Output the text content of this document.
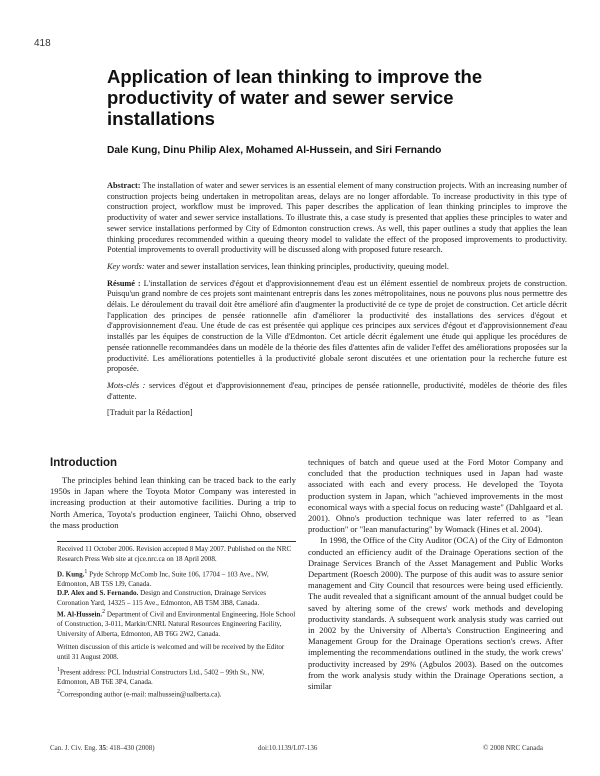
418
Application of lean thinking to improve the productivity of water and sewer service installations
Dale Kung, Dinu Philip Alex, Mohamed Al-Hussein, and Siri Fernando

Abstract: The installation of water and sewer services is an essential element of many construction projects. With an increasing number of construction projects being undertaken in metropolitan areas, delays are no longer affordable. To increase productivity in this type of construction project, workflow must be improved. This paper describes the application of lean thinking principles to improve the productivity of water and sewer service installations. To illustrate this, a case study is presented that applies these principles to water and sewer service installations performed by City of Edmonton construction crews. As well, this paper outlines a study that applies the lean thinking procedures recommended within a queuing theory model to validate the effect of the proposed improvements to productivity. Potential improvements to overall productivity will be discussed along with proposed future research.

Key words: water and sewer installation services, lean thinking principles, productivity, queuing model.

Résumé : L'installation de services d'égout et d'approvisionnement d'eau est un élément essentiel de nombreux projets de construction. Puisqu'un grand nombre de ces projets sont maintenant entrepris dans les zones métropolitaines, nous ne pouvons plus nous permettre des délais. Le déroulement du travail doit être amélioré afin d'augmenter la productivité de ce type de projet de construction. Cet article décrit l'application des principes de pensée rationnelle afin d'améliorer la productivité des installations des services d'égout et d'approvisionnement d'eau. Une étude de cas est présentée qui applique ces principes aux services d'égout et d'approvisionnement d'eau installés par les équipes de construction de la Ville d'Edmonton. Cet article décrit également une étude qui applique les procédures de pensée rationnelle recommandées dans un modèle de la théorie des files d'attentes afin de valider l'effet des améliorations proposées sur la productivité. Les améliorations potentielles à la productivité globale seront discutées et une orientation pour la recherche future est proposée.

Mots-clés : services d'égout et d'approvisionnement d'eau, principes de pensée rationnelle, productivité, modèles de théorie des files d'attente.

[Traduit par la Rédaction]

Introduction

The principles behind lean thinking can be traced back to the early 1950s in Japan where the Toyota Motor Company was interested in increasing production at their automotive facilities. During a trip to North America, Toyota's production engineer, Taiichi Ohno, observed the mass production

Received 11 October 2006. Revision accepted 8 May 2007. Published on the NRC Research Press Web site at cjce.nrc.ca on 18 April 2008.

D. Kung.$^1$ Pyde Schropp McComb Inc, Suite 106, 17704 – 103 Ave., NW, Edmonton, AB T5S 1J9, Canada.
D.P. Alex and S. Fernando. Design and Construction, Drainage Services Coronation Yard, 14325 – 115 Ave., Edmonton, AB T5M 3B8, Canada.
M. Al-Hussein.$^2$ Department of Civil and Environmental Engineering, Hole School of Construction, 3-011, Markin/CNRL Natural Resources Engineering Facility, University of Alberta, Edmonton, AB T6G 2W2, Canada.

Written discussion of this article is welcomed and will be received by the Editor until 31 August 2008.

$^1$Present address: PCL Industrial Constructors Ltd., 5402 – 99th St., NW, Edmonton, AB T6E 3P4, Canada.
$^2$Corresponding author (e-mail: malhussein@ualberta.ca).

techniques of batch and queue used at the Ford Motor Company and concluded that the production techniques used in Japan had waste associated with each and every process. He developed the Toyota production system in Japan, which "achieved improvements in the most economical ways with a special focus on reducing waste" (Dahlgaard et al. 2001). Ohno's production technique was later referred to as "lean production" or "lean manufacturing" by Womack (Hines et al. 2004).

In 1998, the Office of the City Auditor (OCA) of the City of Edmonton conducted an efficiency audit of the Drainage Operations section of the Drainage Services Branch of the Asset Management and Public Works Department (Roesch 2000). The purpose of this audit was to assure senior management and City Council that resources were being used efficiently. The audit revealed that a significant amount of the annual budget could be saved by altering some of the crews' work methods and developing productivity standards. A subsequent work analysis study was carried out in 2002 by the University of Alberta's Construction Engineering and Management Group for the Drainage Operations section's crews. After implementing the recommendations outlined in the study, the work crews' productivity increased by 29% (Agbulos 2003). Based on the outcomes from the work analysis study within the Drainage Operations section, a similar

Can. J. Civ. Eng. 35: 418–430 (2008)	doi:10.1139/L07-136	© 2008 NRC Canada
